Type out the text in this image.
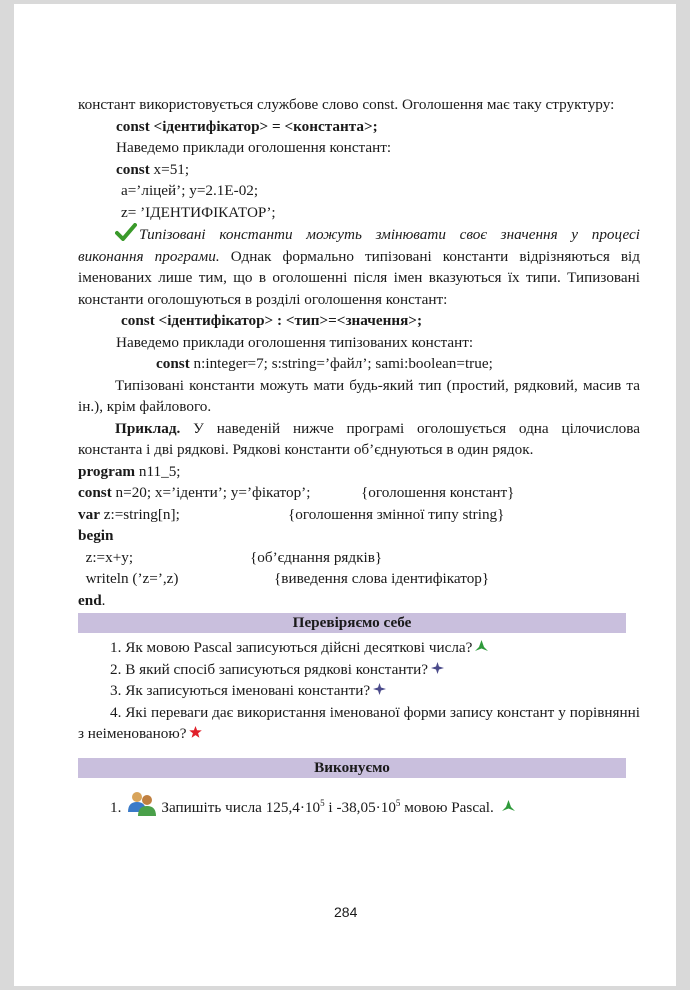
констант використовується службове слово const. Оголошення має таку структуру:

const <ідентифікатор> = <константа>;

Наведемо приклади оголошення констант:

const x=51;

a=’ліцей’; y=2.1E-02;

z= ’ІДЕНТИФІКАТОР’;

Типізовані константи можуть змінювати своє значення у процесі виконання програми. Однак формально типізовані константи відрізняються від іменованих лише тим, що в оголошенні після імен вказуються їх типи. Типизовані константи оголошуються в розділі оголошення констант:

const <ідентифікатор> : <тип>=<значення>;

Наведемо приклади оголошення типізованих констант:

const n:integer=7; s:string=’файл’; sami:boolean=true;

Типізовані константи можуть мати будь-який тип (простий, рядковий, масив та ін.), крім файлового.

Приклад. У наведеній нижче програмі оголошується одна цілочислова константа і дві рядкові. Рядкові константи об’єднуються в один рядок.

program n11_5;
const n=20; x=’іденти’; y=’фікатор’;	{оголошення констант}
var z:=string[n];	{оголошення змінної типу string}
begin
z:=x+y;	{об’єднання рядків}
writeln (’z=’,z)	{виведення слова ідентифікатор}
end.
Перевіряємо себе

1. Як мовою Pascal записуються дійсні десяткові числа?

2. В який спосіб записуються рядкові константи?

3. Як записуються іменовані константи?

4. Які переваги дає використання іменованої форми запису констант у порівнянні з неіменованою?

Виконуємо

1.	Запишіть числа $125,4\cdot 10^5$ і $-38,05\cdot 10^5$ мовою Pascal.

284
